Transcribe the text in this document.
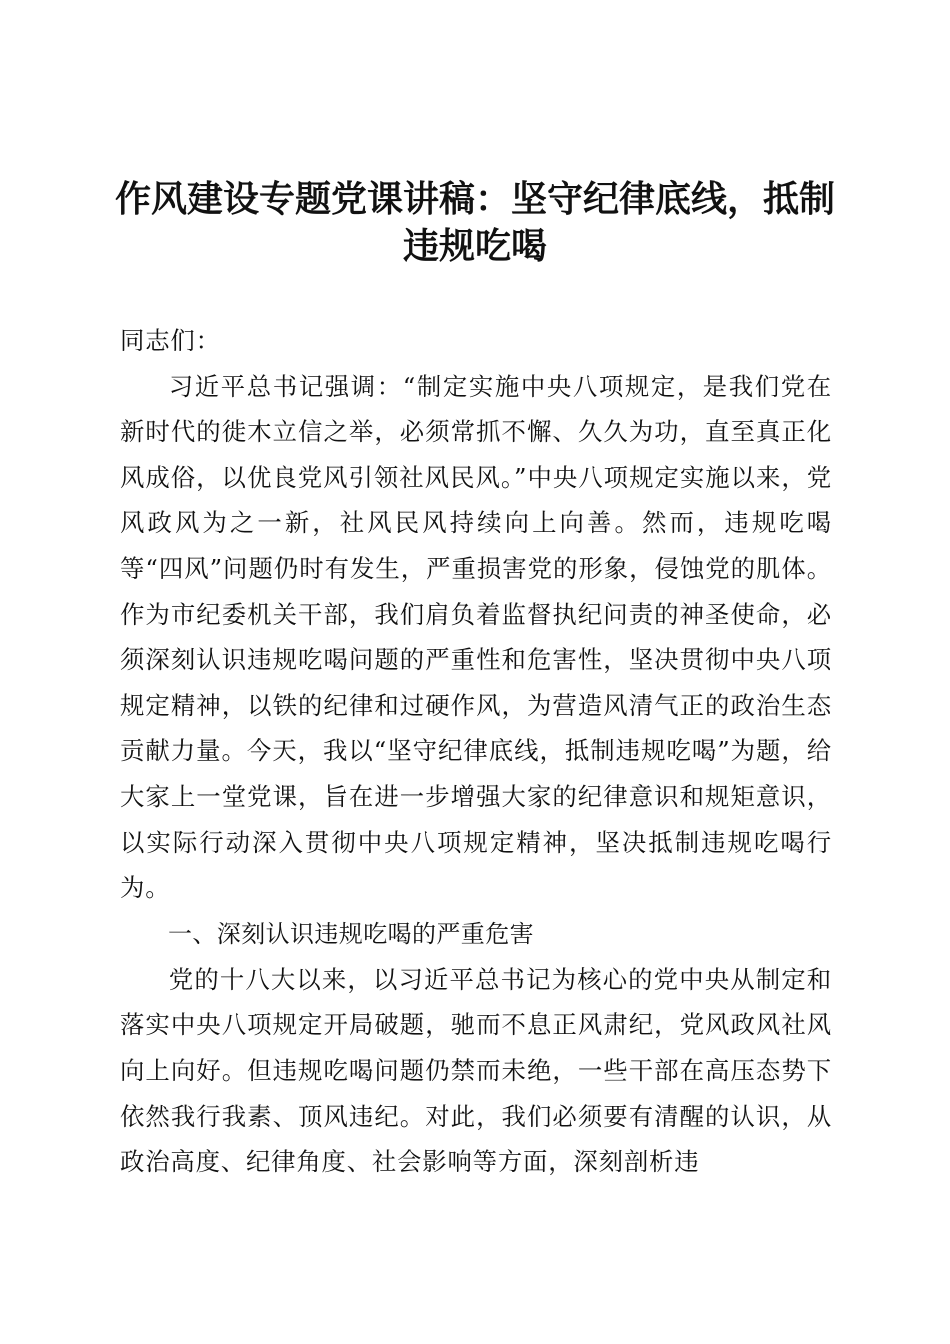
作风建设专题党课讲稿：坚守纪律底线，抵制违规吃喝

同志们：

习近平总书记强调：“制定实施中央八项规定，是我们党在新时代的徙木立信之举，必须常抓不懈、久久为功，直至真正化风成俗，以优良党风引领社风民风。”中央八项规定实施以来，党风政风为之一新，社风民风持续向上向善。然而，违规吃喝等“四风”问题仍时有发生，严重损害党的形象，侵蚀党的肌体。作为市纪委机关干部，我们肩负着监督执纪问责的神圣使命，必须深刻认识违规吃喝问题的严重性和危害性，坚决贯彻中央八项规定精神，以铁的纪律和过硬作风，为营造风清气正的政治生态贡献力量。今天，我以“坚守纪律底线，抵制违规吃喝”为题，给大家上一堂党课，旨在进一步增强大家的纪律意识和规矩意识，以实际行动深入贯彻中央八项规定精神，坚决抵制违规吃喝行为。

一、深刻认识违规吃喝的严重危害

党的十八大以来，以习近平总书记为核心的党中央从制定和落实中央八项规定开局破题，驰而不息正风肃纪，党风政风社风向上向好。但违规吃喝问题仍禁而未绝，一些干部在高压态势下依然我行我素、顶风违纪。对此，我们必须要有清醒的认识，从政治高度、纪律角度、社会影响等方面，深刻剖析违
